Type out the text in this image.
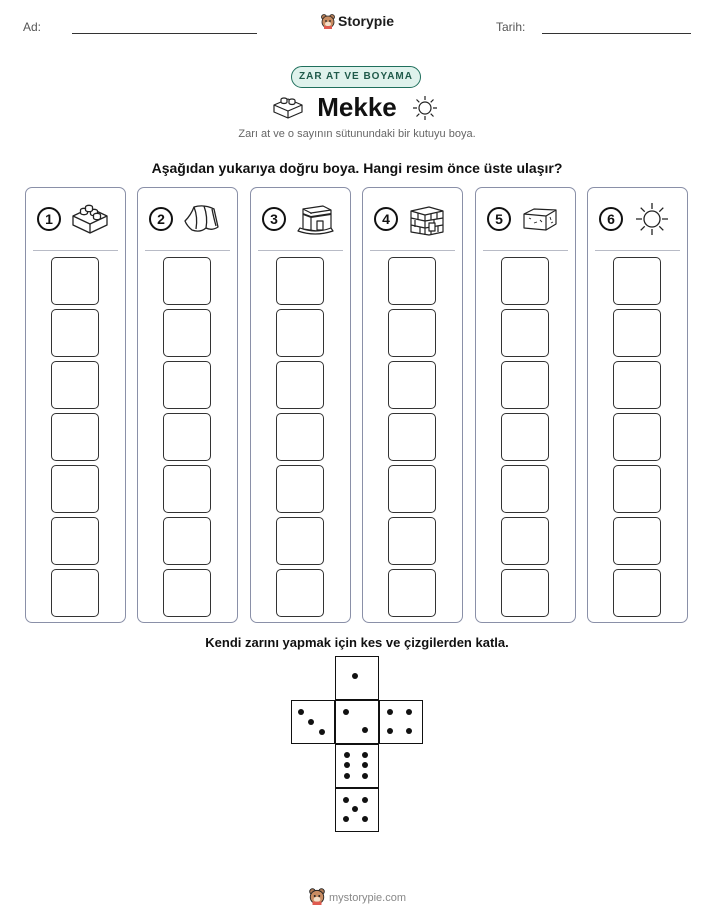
Ad:	Tarih:
Storypie
ZAR AT VE BOYAMA
Mekke
Zarı at ve o sayının sütunundaki bir kutuyu boya.
Aşağıdan yukarıya doğru boya. Hangi resim önce üste ulaşır?
1	2	3	4	5	6
Kendi zarını yapmak için kes ve çizgilerden katla.
mystorypie.com
